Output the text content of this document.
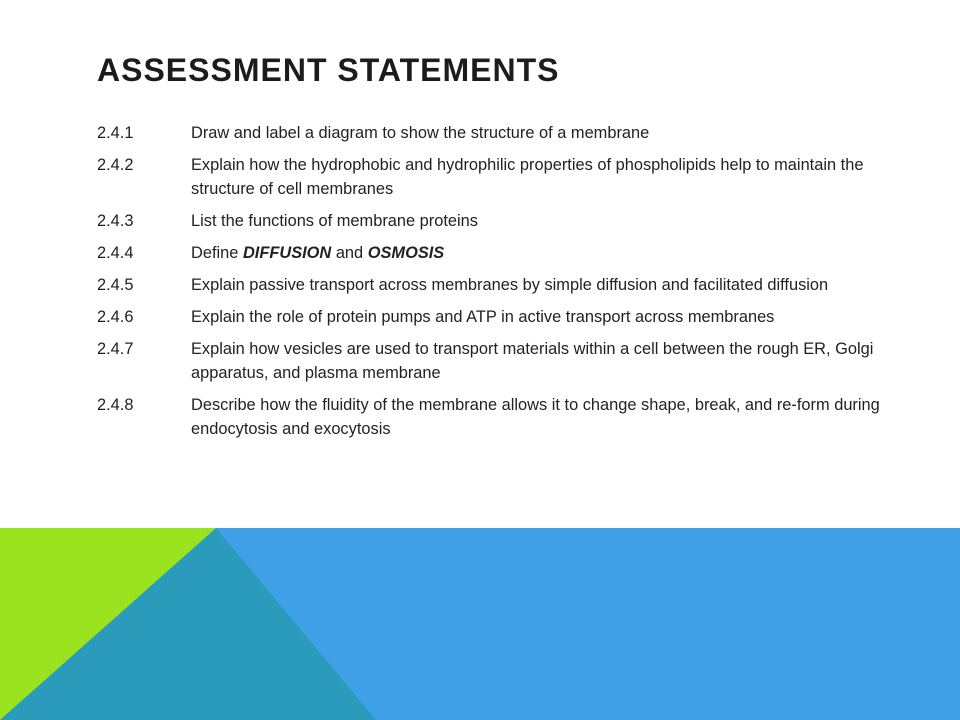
ASSESSMENT STATEMENTS
2.4.1	Draw and label a diagram to show the structure of a membrane
2.4.2	Explain how the hydrophobic and hydrophilic properties of phospholipids help to maintain the structure of cell membranes
2.4.3	List the functions of membrane proteins
2.4.4	Define DIFFUSION and OSMOSIS
2.4.5	Explain passive transport across membranes by simple diffusion and facilitated diffusion
2.4.6	Explain the role of protein pumps and ATP in active transport across membranes
2.4.7	Explain how vesicles are used to transport materials within a cell between the rough ER, Golgi apparatus, and plasma membrane
2.4.8	Describe how the fluidity of the membrane allows it to change shape, break, and re-form during endocytosis and exocytosis
